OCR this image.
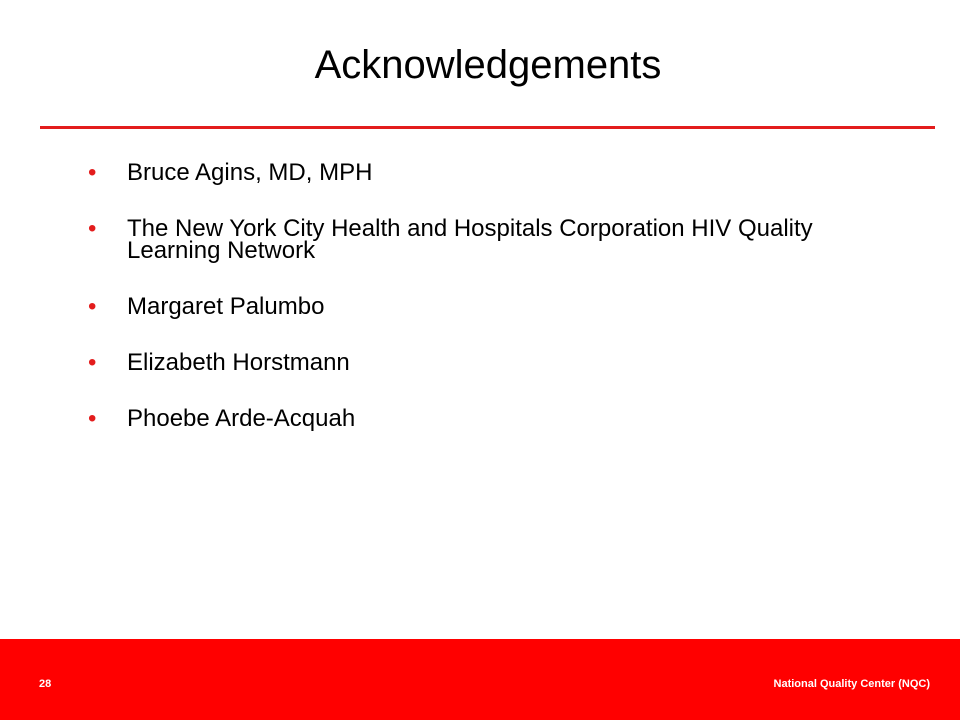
Acknowledgements
• Bruce Agins, MD, MPH
• The New York City Health and Hospitals Corporation HIV Quality Learning Network
• Margaret Palumbo
• Elizabeth Horstmann
• Phoebe Arde-Acquah
28	National Quality Center (NQC)
